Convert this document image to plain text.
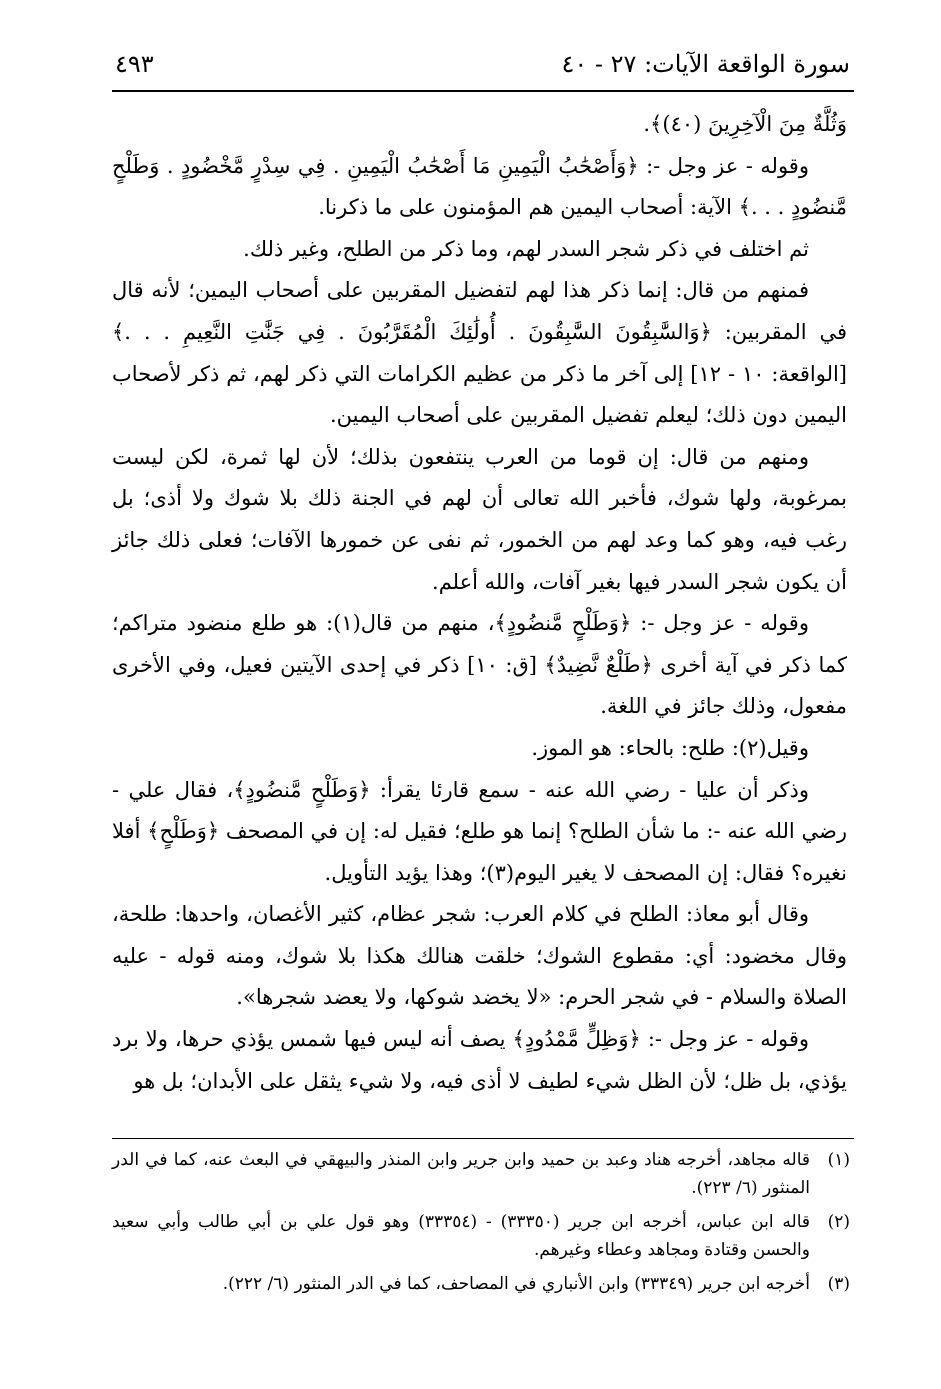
سورة الواقعة الآيات: ٢٧ - ٤٠
٤٩٣

وَثُلَّةٌ مِنَ الْآخِرِينَ (٤٠)﴾.

وقوله - عز وجل -: ﴿وَأَصْحَٰبُ الْيَمِينِ مَا أَصْحَٰبُ الْيَمِينِ . فِي سِدْرٍ مَّخْضُودٍ . وَطَلْحٍ مَّنضُودٍ . . .﴾ الآية: أصحاب اليمين هم المؤمنون على ما ذكرنا.

ثم اختلف في ذكر شجر السدر لهم، وما ذكر من الطلح، وغير ذلك.

فمنهم من قال: إنما ذكر هذا لهم لتفضيل المقربين على أصحاب اليمين؛ لأنه قال في المقربين: ﴿وَالسَّٰبِقُونَ السَّٰبِقُونَ . أُولَٰئِكَ الْمُقَرَّبُونَ . فِي جَنَّٰتِ النَّعِيمِ . . .﴾ [الواقعة: ١٠ - ١٢] إلى آخر ما ذكر من عظيم الكرامات التي ذكر لهم، ثم ذكر لأصحاب اليمين دون ذلك؛ ليعلم تفضيل المقربين على أصحاب اليمين.

ومنهم من قال: إن قوما من العرب ينتفعون بذلك؛ لأن لها ثمرة، لكن ليست بمرغوبة، ولها شوك، فأخبر الله تعالى أن لهم في الجنة ذلك بلا شوك ولا أذى؛ بل رغب فيه، وهو كما وعد لهم من الخمور، ثم نفى عن خمورها الآفات؛ فعلى ذلك جائز أن يكون شجر السدر فيها بغير آفات، والله أعلم.

وقوله - عز وجل -: ﴿وَطَلْحٍ مَّنضُودٍ﴾، منهم من قال(١): هو طلع منضود متراكم؛ كما ذكر في آية أخرى ﴿طَلْعٌ نَّضِيدٌ﴾ [ق: ١٠] ذكر في إحدى الآيتين فعيل، وفي الأخرى مفعول، وذلك جائز في اللغة.

وقيل(٢): طلح: بالحاء: هو الموز.

وذكر أن عليا - رضي الله عنه - سمع قارئا يقرأ: ﴿وَطَلْحٍ مَّنضُودٍ﴾، فقال علي - رضي الله عنه -: ما شأن الطلح؟ إنما هو طلع؛ فقيل له: إن في المصحف ﴿وَطَلْحٍ﴾ أفلا نغيره؟ فقال: إن المصحف لا يغير اليوم(٣)؛ وهذا يؤيد التأويل.

وقال أبو معاذ: الطلح في كلام العرب: شجر عظام، كثير الأغصان، واحدها: طلحة، وقال مخضود: أي: مقطوع الشوك؛ خلقت هنالك هكذا بلا شوك، ومنه قوله - عليه الصلاة والسلام - في شجر الحرم: «لا يخضد شوكها، ولا يعضد شجرها».

وقوله - عز وجل -: ﴿وَظِلٍّ مَّمْدُودٍ﴾ يصف أنه ليس فيها شمس يؤذي حرها، ولا برد يؤذي، بل ظل؛ لأن الظل شيء لطيف لا أذى فيه، ولا شيء يثقل على الأبدان؛ بل هو

(١)
قاله مجاهد، أخرجه هناد وعبد بن حميد وابن جرير وابن المنذر والبيهقي في البعث عنه، كما في الدر المنثور (٦/ ٢٢٣).
(٢)
قاله ابن عباس، أخرجه ابن جرير (٣٣٣٥٠) - (٣٣٣٥٤) وهو قول علي بن أبي طالب وأبي سعيد والحسن وقتادة ومجاهد وعطاء وغيرهم.
(٣)
أخرجه ابن جرير (٣٣٣٤٩) وابن الأنباري في المصاحف، كما في الدر المنثور (٦/ ٢٢٢).
